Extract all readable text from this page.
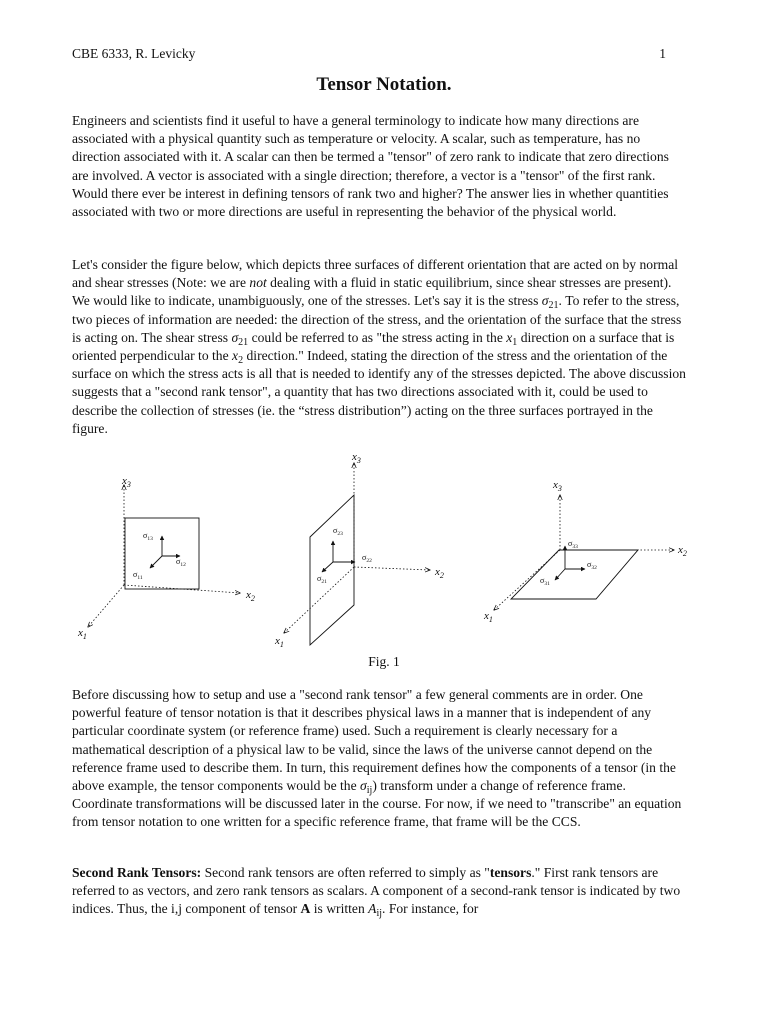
CBE 6333, R. Levicky	1
Tensor Notation.
Engineers and scientists find it useful to have a general terminology to indicate how many directions are associated with a physical quantity such as temperature or velocity. A scalar, such as temperature, has no direction associated with it. A scalar can then be termed a "tensor" of zero rank to indicate that zero directions are involved. A vector is associated with a single direction; therefore, a vector is a "tensor" of the first rank. Would there ever be interest in defining tensors of rank two and higher? The answer lies in whether quantities associated with two or more directions are useful in representing the behavior of the physical world.
Let's consider the figure below, which depicts three surfaces of different orientation that are acted on by normal and shear stresses (Note: we are not dealing with a fluid in static equilibrium, since shear stresses are present). We would like to indicate, unambiguously, one of the stresses. Let's say it is the stress $\sigma_{21}$. To refer to the stress, two pieces of information are needed: the direction of the stress, and the orientation of the surface that the stress is acting on. The shear stress $\sigma_{21}$ could be referred to as "the stress acting in the $x_1$ direction on a surface that is oriented perpendicular to the $x_2$ direction." Indeed, stating the direction of the stress and the orientation of the surface on which the stress acts is all that is needed to identify any of the stresses depicted. The above discussion suggests that a "second rank tensor", a quantity that has two directions associated with it, could be used to describe the collection of stresses (ie. the “stress distribution”) acting on the three surfaces portrayed in the figure.
$x_3$
$x_2$
$x_1$
$\sigma_{13}$
$\sigma_{12}$
$\sigma_{11}$
$x_3$
$x_2$
$x_1$
$\sigma_{23}$
$\sigma_{22}$
$\sigma_{21}$
$x_3$
$x_2$
$x_1$
$\sigma_{33}$
$\sigma_{32}$
$\sigma_{31}$
Fig. 1
Before discussing how to setup and use a "second rank tensor" a few general comments are in order. One powerful feature of tensor notation is that it describes physical laws in a manner that is independent of any particular coordinate system (or reference frame) used. Such a requirement is clearly necessary for a mathematical description of a physical law to be valid, since the laws of the universe cannot depend on the reference frame used to describe them. In turn, this requirement defines how the components of a tensor (in the above example, the tensor components would be the $\sigma_{ij}$) transform under a change of reference frame. Coordinate transformations will be discussed later in the course. For now, if we need to "transcribe" an equation from tensor notation to one written for a specific reference frame, that frame will be the CCS.
Second Rank Tensors: Second rank tensors are often referred to simply as "tensors." First rank tensors are referred to as vectors, and zero rank tensors as scalars. A component of a second-rank tensor is indicated by two indices. Thus, the i,j component of tensor A is written $A_{ij}$. For instance, for
